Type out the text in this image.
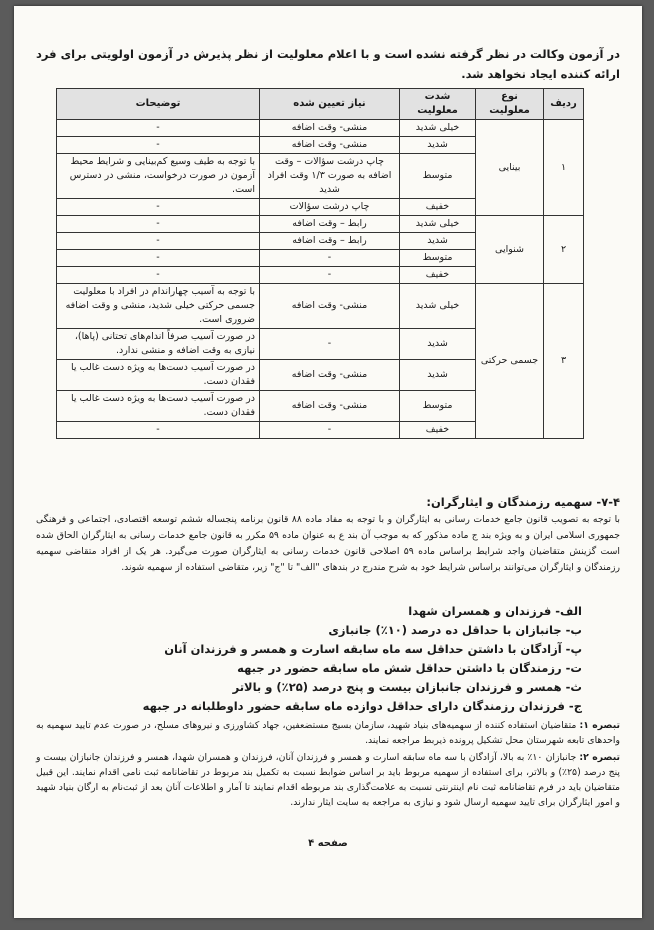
در آزمون وکالت در نظر گرفته نشده است و با اعلام معلولیت از نظر پذیرش در آزمون اولویتی برای فرد ارائه کننده ایجاد نخواهد شد.
ردیف	نوع معلولیت	شدت معلولیت	نیاز تعیین شده	توضیحات
۱	بینایی	خیلی شدید	منشی- وقت اضافه	-
		شدید	منشی- وقت اضافه	-
		متوسط	چاپ درشت سؤالات – وقت اضافه به صورت ۱/۳ وقت افراد شدید	با توجه به طیف وسیع کم‌بینایی و شرایط محیط آزمون در صورت درخواست، منشی در دسترس است.
		خفیف	چاپ درشت سؤالات	-
۲	شنوایی	خیلی شدید	رابط – وقت اضافه	-
		شدید	رابط – وقت اضافه	-
		متوسط	-	-
		خفیف	-	-
۳	جسمی حرکتی	خیلی شدید	منشی- وقت اضافه	با توجه به آسیب چهاراندام در افراد با معلولیت جسمی حرکتی خیلی شدید، منشی و وقت اضافه ضروری است.
		شدید	-	در صورت آسیب صرفاً اندام‌های تحتانی (پاها)، نیازی به وقت اضافه و منشی ندارد.
		شدید	منشی- وقت اضافه	در صورت آسیب دست‌ها به ویژه دست غالب یا فقدان دست.
		متوسط	منشی- وقت اضافه	در صورت آسیب دست‌ها به ویژه دست غالب یا فقدان دست.
		خفیف	-	-
۷-۴- سهمیه رزمندگان و ایثارگران:
با توجه به تصویب قانون جامع خدمات رسانی به ایثارگران و با توجه به مفاد ماده ۸۸ قانون برنامه پنجساله ششم توسعه اقتصادی، اجتماعی و فرهنگی جمهوری اسلامی ایران و به ویژه بند ج ماده مذکور که به موجب آن بند ع به عنوان ماده ۵۹ مکرر به قانون جامع خدمات رسانی به ایثارگران الحاق شده است گزینش متقاضیان واجد شرایط براساس ماده ۵۹ اصلاحی قانون خدمات رسانی به ایثارگران صورت می‌گیرد. هر یک از افراد متقاضی سهمیه رزمندگان و ایثارگران می‌توانند براساس شرایط خود به شرح مندرج در بندهای "الف" تا "ج" زیر، متقاضی استفاده از سهمیه شوند.
الف- فرزندان و همسران شهدا
ب- جانبازان با حداقل ده درصد (۱۰٪) جانبازی
پ- آزادگان با داشتن حداقل سه ماه سابقه اسارت و همسر و فرزندان آنان
ت- رزمندگان با داشتن حداقل شش ماه سابقه حضور در جبهه
ث- همسر و فرزندان جانبازان بیست و پنج درصد (۲۵٪) و بالاتر
ج- فرزندان رزمندگان دارای حداقل دوازده ماه سابقه حضور داوطلبانه در جبهه
تبصره ۱: متقاضیان استفاده کننده از سهمیه‌های بنیاد شهید، سازمان بسیج مستضعفین، جهاد کشاورزی و نیروهای مسلح، در صورت عدم تایید سهمیه به واحدهای تابعه شهرستان محل تشکیل پرونده ذیربط مراجعه نمایند.
تبصره ۲: جانبازان ۱۰٪ به بالا، آزادگان با سه ماه سابقه اسارت و همسر و فرزندان آنان، فرزندان و همسران شهدا، همسر و فرزندان جانبازان بیست و پنج درصد (۲۵٪) و بالاتر، برای استفاده از سهمیه مربوط باید بر اساس ضوابط نسبت به تکمیل بند مربوط در تقاضانامه ثبت نامی اقدام نمایند. این قبیل متقاضیان باید در فرم تقاضانامه ثبت نام اینترنتی نسبت به علامت‌گذاری بند مربوطه اقدام نمایند تا آمار و اطلاعات آنان بعد از ثبت‌نام به ارگان بنیاد شهید و امور ایثارگران برای تایید سهمیه ارسال شود و نیازی به مراجعه به سایت ایثار ندارند.
صفحه ۴
